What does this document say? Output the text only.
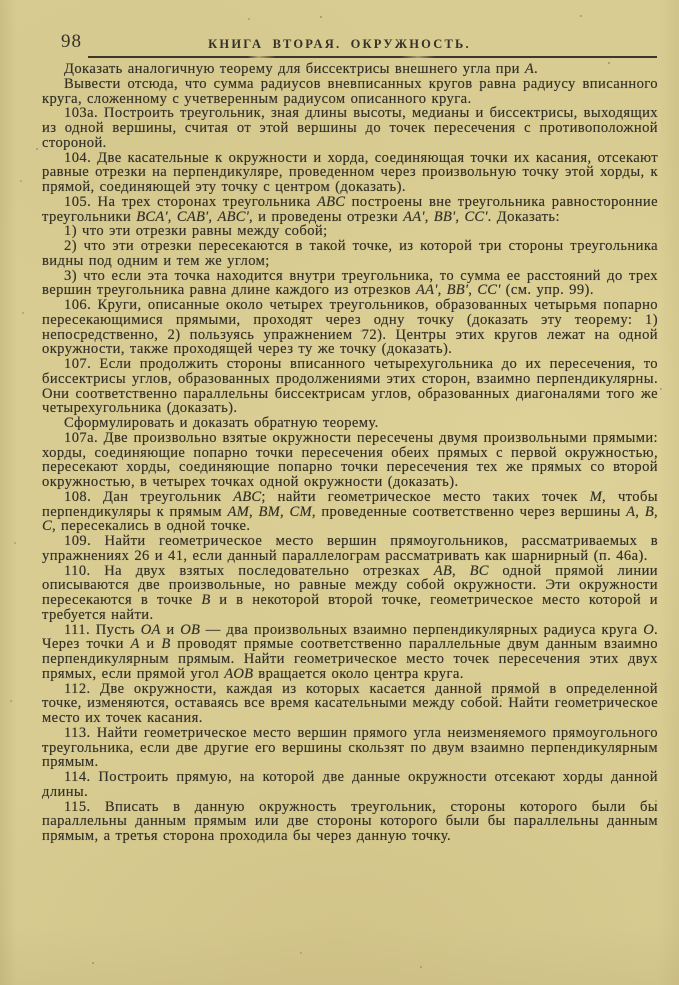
98	КНИГА ВТОРАЯ. ОКРУЖНОСТЬ.

Доказать аналогичную теорему для биссектрисы внешнего угла при A.

Вывести отсюда, что сумма радиусов вневписанных кругов равна радиусу вписанного круга, сложенному с учетверенным радиусом описанного круга.

103а. Построить треугольник, зная длины высоты, медианы и биссектрисы, выходящих из одной вершины, считая от этой вершины до точек пересечения с противоположной стороной.

104. Две касательные к окружности и хорда, соединяющая точки их касания, отсекают равные отрезки на перпендикуляре, проведенном через произвольную точку этой хорды, к прямой, соединяющей эту точку с центром (доказать).

105. На трех сторонах треугольника ABC построены вне треугольника равносторонние треугольники BCA', CAB', ABC', и проведены отрезки AA', BB', CC'. Доказать:

1) что эти отрезки равны между собой;

2) что эти отрезки пересекаются в такой точке, из которой три стороны треугольника видны под одним и тем же углом;

3) что если эта точка находится внутри треугольника, то сумма ее расстояний до трех вершин треугольника равна длине каждого из отрезков AA', BB', CC' (см. упр. 99).

106. Круги, описанные около четырех треугольников, образованных четырьмя попарно пересекающимися прямыми, проходят через одну точку (доказать эту теорему: 1) непосредственно, 2) пользуясь упражнением 72). Центры этих кругов лежат на одной окружности, также проходящей через ту же точку (доказать).

107. Если продолжить стороны вписанного четырехугольника до их пересечения, то биссектрисы углов, образованных продолжениями этих сторон, взаимно перпендикулярны. Они соответственно параллельны биссектрисам углов, образованных диагоналями того же четырехугольника (доказать).

Сформулировать и доказать обратную теорему.

107а. Две произвольно взятые окружности пересечены двумя произвольными прямыми: хорды, соединяющие попарно точки пересечения обеих прямых с первой окружностью, пересекают хорды, соединяющие попарно точки пересечения тех же прямых со второй окружностью, в четырех точках одной окружности (доказать).

108. Дан треугольник ABC; найти геометрическое место таких точек M, чтобы перпендикуляры к прямым AM, BM, CM, проведенные соответственно через вершины A, B, C, пересекались в одной точке.

109. Найти геометрическое место вершин прямоугольников, рассматриваемых в упражнениях 26 и 41, если данный параллелограм рассматривать как шарнирный (п. 46а).

110. На двух взятых последовательно отрезках AB, BC одной прямой линии описываются две произвольные, но равные между собой окружности. Эти окружности пересекаются в точке B и в некоторой второй точке, геометрическое место которой и требуется найти.

111. Пусть OA и OB — два произвольных взаимно перпендикулярных радиуса круга O. Через точки A и B проводят прямые соответственно параллельные двум данным взаимно перпендикулярным прямым. Найти геометрическое место точек пересечения этих двух прямых, если прямой угол AOB вращается около центра круга.

112. Две окружности, каждая из которых касается данной прямой в определенной точке, изменяются, оставаясь все время касательными между собой. Найти геометрическое место их точек касания.

113. Найти геометрическое место вершин прямого угла неизменяемого прямоугольного треугольника, если две другие его вершины скользят по двум взаимно перпендикулярным прямым.

114. Построить прямую, на которой две данные окружности отсекают хорды данной длины.

115. Вписать в данную окружность треугольник, стороны которого были бы параллельны данным прямым или две стороны которого были бы параллельны данным прямым, а третья сторона проходила бы через данную точку.
